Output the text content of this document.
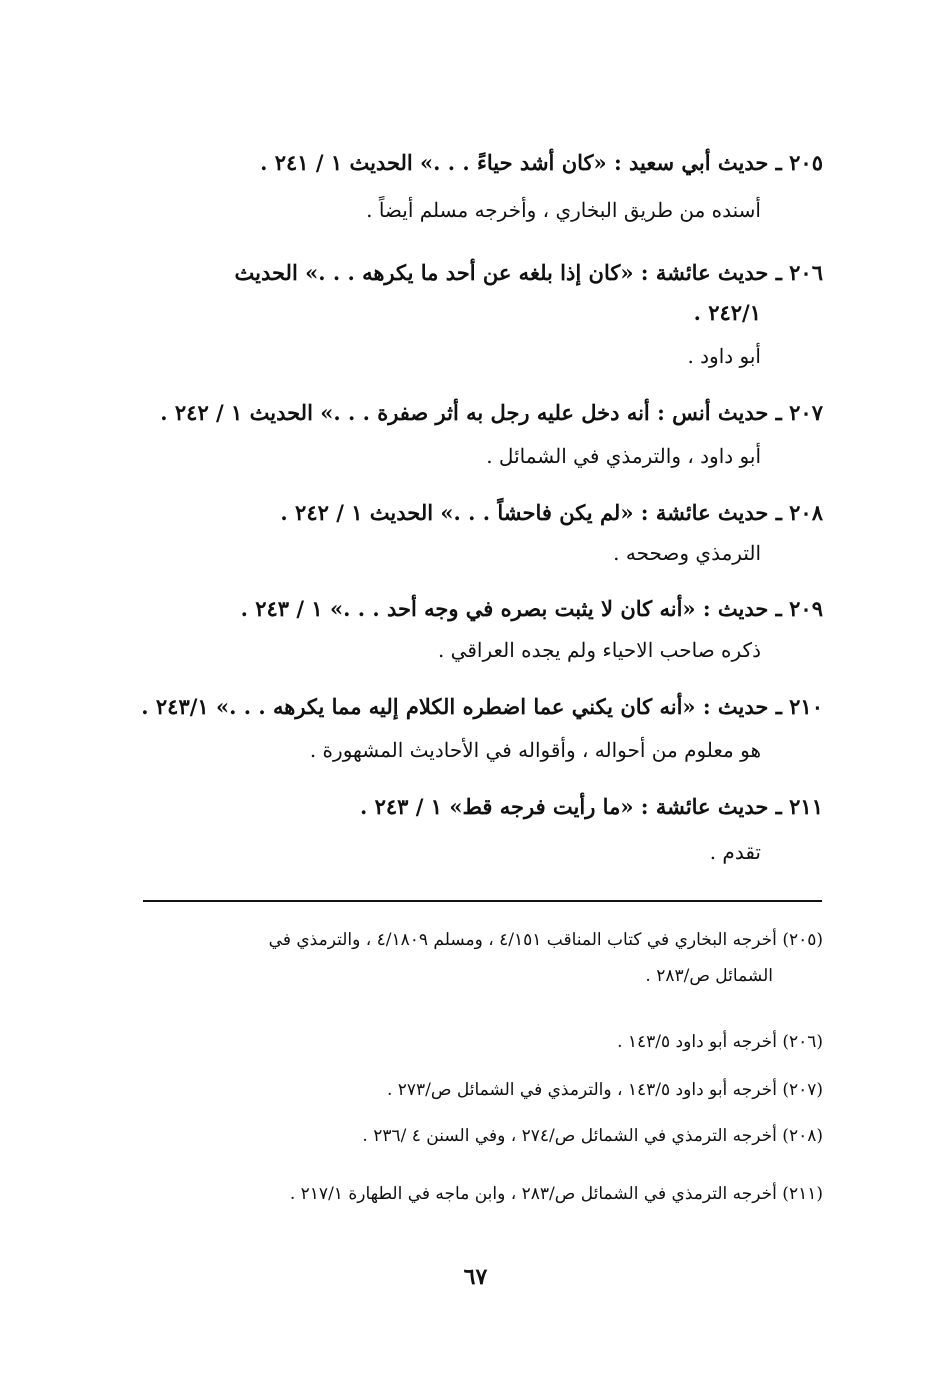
٢٠٥ ـ حديث أبي سعيد : «كان أشد حياءً . . .» الحديث ١ / ٢٤١ .
أسنده من طريق البخاري ، وأخرجه مسلم أيضاً .
٢٠٦ ـ حديث عائشة : «كان إذا بلغه عن أحد ما يكرهه . . .» الحديث
٢٤٢/١ .
أبو داود .
٢٠٧ ـ حديث أنس : أنه دخل عليه رجل به أثر صفرة . . .» الحديث ١ / ٢٤٢ .
أبو داود ، والترمذي في الشمائل .
٢٠٨ ـ حديث عائشة : «لم يكن فاحشاً . . .» الحديث ١ / ٢٤٢ .
الترمذي وصححه .
٢٠٩ ـ حديث : «أنه كان لا يثبت بصره في وجه أحد . . .» ١ / ٢٤٣ .
ذكره صاحب الاحياء ولم يجده العراقي .
٢١٠ ـ حديث : «أنه كان يكني عما اضطره الكلام إليه مما يكرهه . . .» ٢٤٣/١ .
هو معلوم من أحواله ، وأقواله في الأحاديث المشهورة .
٢١١ ـ حديث عائشة : «ما رأيت فرجه قط» ١ / ٢٤٣ .
تقدم .
(٢٠٥) أخرجه البخاري في كتاب المناقب ٤/١٥١ ، ومسلم ٤/١٨٠٩ ، والترمذي في
الشمائل ص/٢٨٣ .
(٢٠٦) أخرجه أبو داود ١٤٣/٥ .
(٢٠٧) أخرجه أبو داود ١٤٣/٥ ، والترمذي في الشمائل ص/٢٧٣ .
(٢٠٨) أخرجه الترمذي في الشمائل ص/٢٧٤ ، وفي السنن ٤ /٢٣٦ .
(٢١١) أخرجه الترمذي في الشمائل ص/٢٨٣ ، وابن ماجه في الطهارة ٢١٧/١ .
٦٧
